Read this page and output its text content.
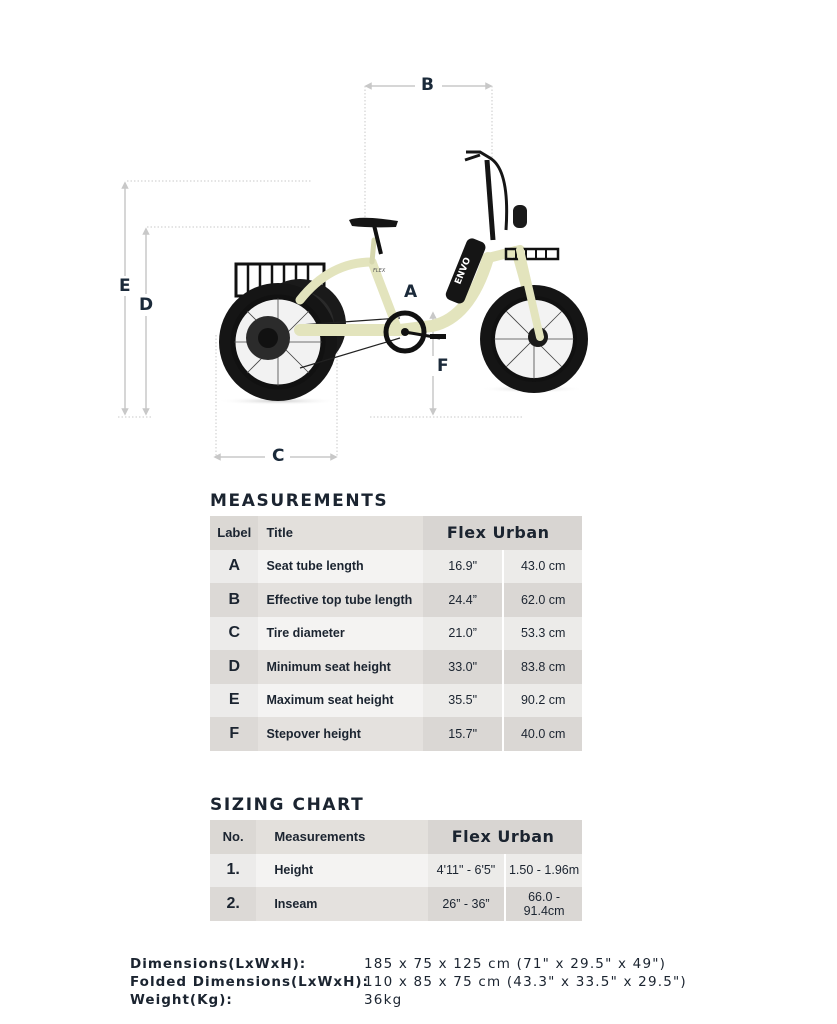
FLEX	ENVO
B
E
D
A
F
C
MEASUREMENTS
Label	Title	Flex Urban	
A	Seat tube length	16.9"	43.0 cm
B	Effective top tube length	24.4”	62.0 cm
C	Tire diameter	21.0”	53.3 cm
D	Minimum seat height	33.0"	83.8 cm
E	Maximum seat height	35.5"	90.2 cm
F	Stepover height	15.7"	40.0 cm
SIZING CHART
No.	Measurements	Flex Urban	
1.	Height	4'11" - 6'5"	1.50 - 1.96m
2.	Inseam	26” - 36”	66.0 - 91.4cm
Dimensions(LxWxH):	185 x 75 x 125 cm (71" x 29.5" x 49")
Folded Dimensions(LxWxH):
110 x 85 x 75 cm (43.3" x 33.5" x 29.5")
Weight(Kg):	36kg
